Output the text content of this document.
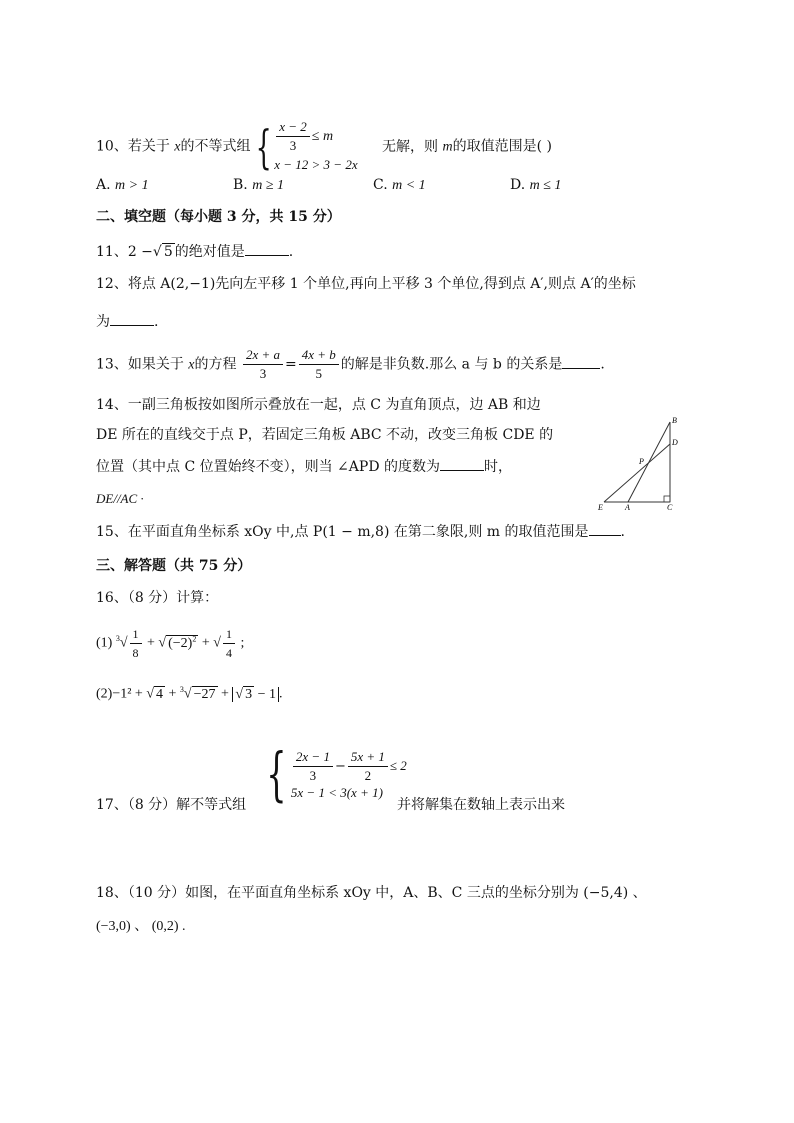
10、若关于 x的不等式组 { $\frac{x - 2}{3} \le m$
x − 12 > 3 − 2x
无解，则 m的取值范围是( )
A. m > 1	B. m ≥ 1	C. m < 1	D. m ≤ 1
二、填空题（每小题 3 分，共 15 分）
11、2 −√ 5 的绝对值是	.
12、将点 A(2,−1)先向左平移 1 个单位,再向上平移 3 个单位,得到点 A′,则点 A′的坐标
为	.
13、如果关于 x的方程 $\frac{2x + a}{3} = \frac{4x + b}{5}$ 的解是非负数.那么 a 与 b 的关系是	.
14、一副三角板按如图所示叠放在一起，点 C 为直角顶点，边 AB 和边
DE 所在的直线交于点 P，若固定三角板 ABC 不动，改变三角板 CDE 的
位置（其中点 C 位置始终不变），则当 ∠APD 的度数为	时，
DE//AC ·
B
D
P
E	A	C
15、在平面直角坐标系 xOy 中,点 P(1 − m,8) 在第二象限,则 m 的取值范围是 .
三、解答题（共 75 分）
16、（8 分）计算：
(1) $^3√ \frac{1}{8}$ + √ $(-2)^2$ + √ $\frac{1}{4}$ ;
(2)−1² + √ 4 + $^3$√ −27 + √ 3 − 1 .
17、（8 分）解不等式组 { $\frac{2x - 1}{3} - \frac{5x + 1}{2} \le 2$
5x − 1 < 3(x + 1)
并将解集在数轴上表示出来
18、（10 分）如图，在平面直角坐标系 xOy 中，A、B、C 三点的坐标分别为 (−5,4) 、
(−3,0) 、 (0,2) .
